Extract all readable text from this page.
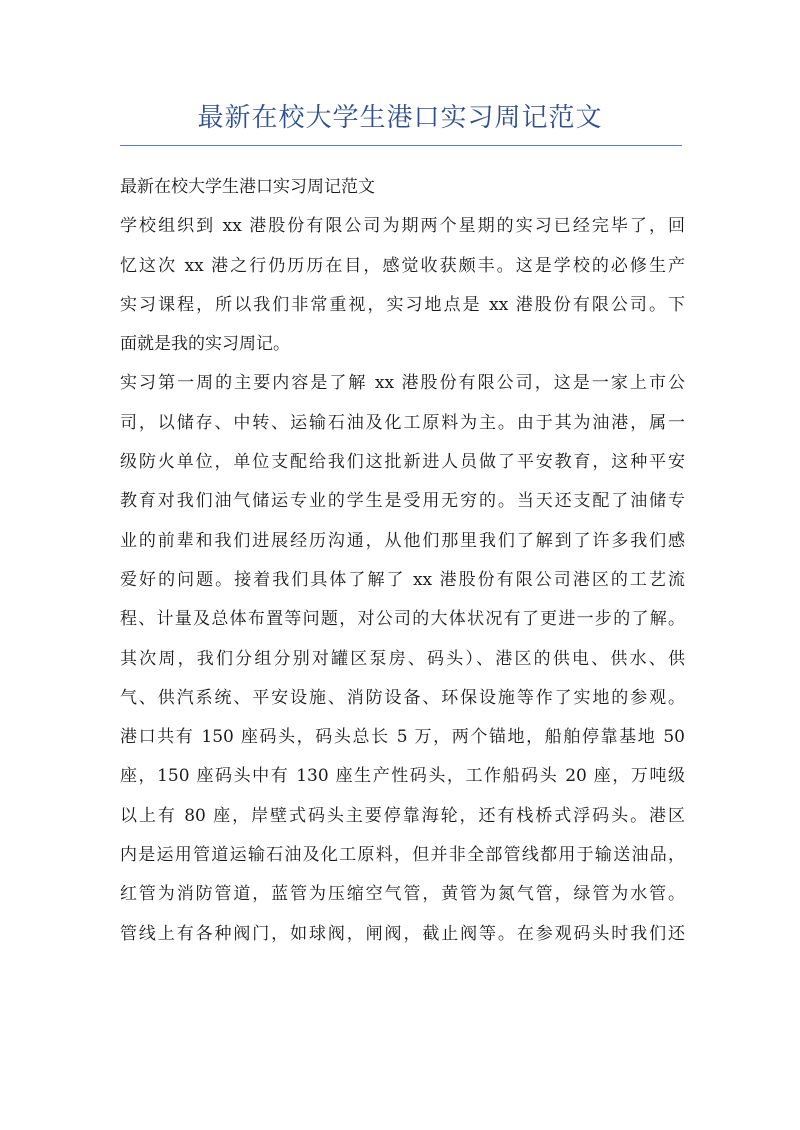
最新在校大学生港口实习周记范文
最新在校大学生港口实习周记范文
学校组织到 xx 港股份有限公司为期两个星期的实习已经完毕了，回
忆这次 xx 港之行仍历历在目，感觉收获颇丰。这是学校的必修生产
实习课程，所以我们非常重视，实习地点是 xx 港股份有限公司。下
面就是我的实习周记。
实习第一周的主要内容是了解 xx 港股份有限公司，这是一家上市公
司，以储存、中转、运输石油及化工原料为主。由于其为油港，属一
级防火单位，单位支配给我们这批新进人员做了平安教育，这种平安
教育对我们油气储运专业的学生是受用无穷的。当天还支配了油储专
业的前辈和我们进展经历沟通，从他们那里我们了解到了许多我们感
爱好的问题。接着我们具体了解了 xx 港股份有限公司港区的工艺流
程、计量及总体布置等问题，对公司的大体状况有了更进一步的了解。
其次周，我们分组分别对罐区泵房、码头）、港区的供电、供水、供
气、供汽系统、平安设施、消防设备、环保设施等作了实地的参观。
港口共有 150 座码头，码头总长 5 万，两个锚地，船舶停靠基地 50
座，150 座码头中有 130 座生产性码头，工作船码头 20 座，万吨级
以上有 80 座，岸壁式码头主要停靠海轮，还有栈桥式浮码头。港区
内是运用管道运输石油及化工原料，但并非全部管线都用于输送油品，
红管为消防管道，蓝管为压缩空气管，黄管为氮气管，绿管为水管。
管线上有各种阀门，如球阀，闸阀，截止阀等。在参观码头时我们还
